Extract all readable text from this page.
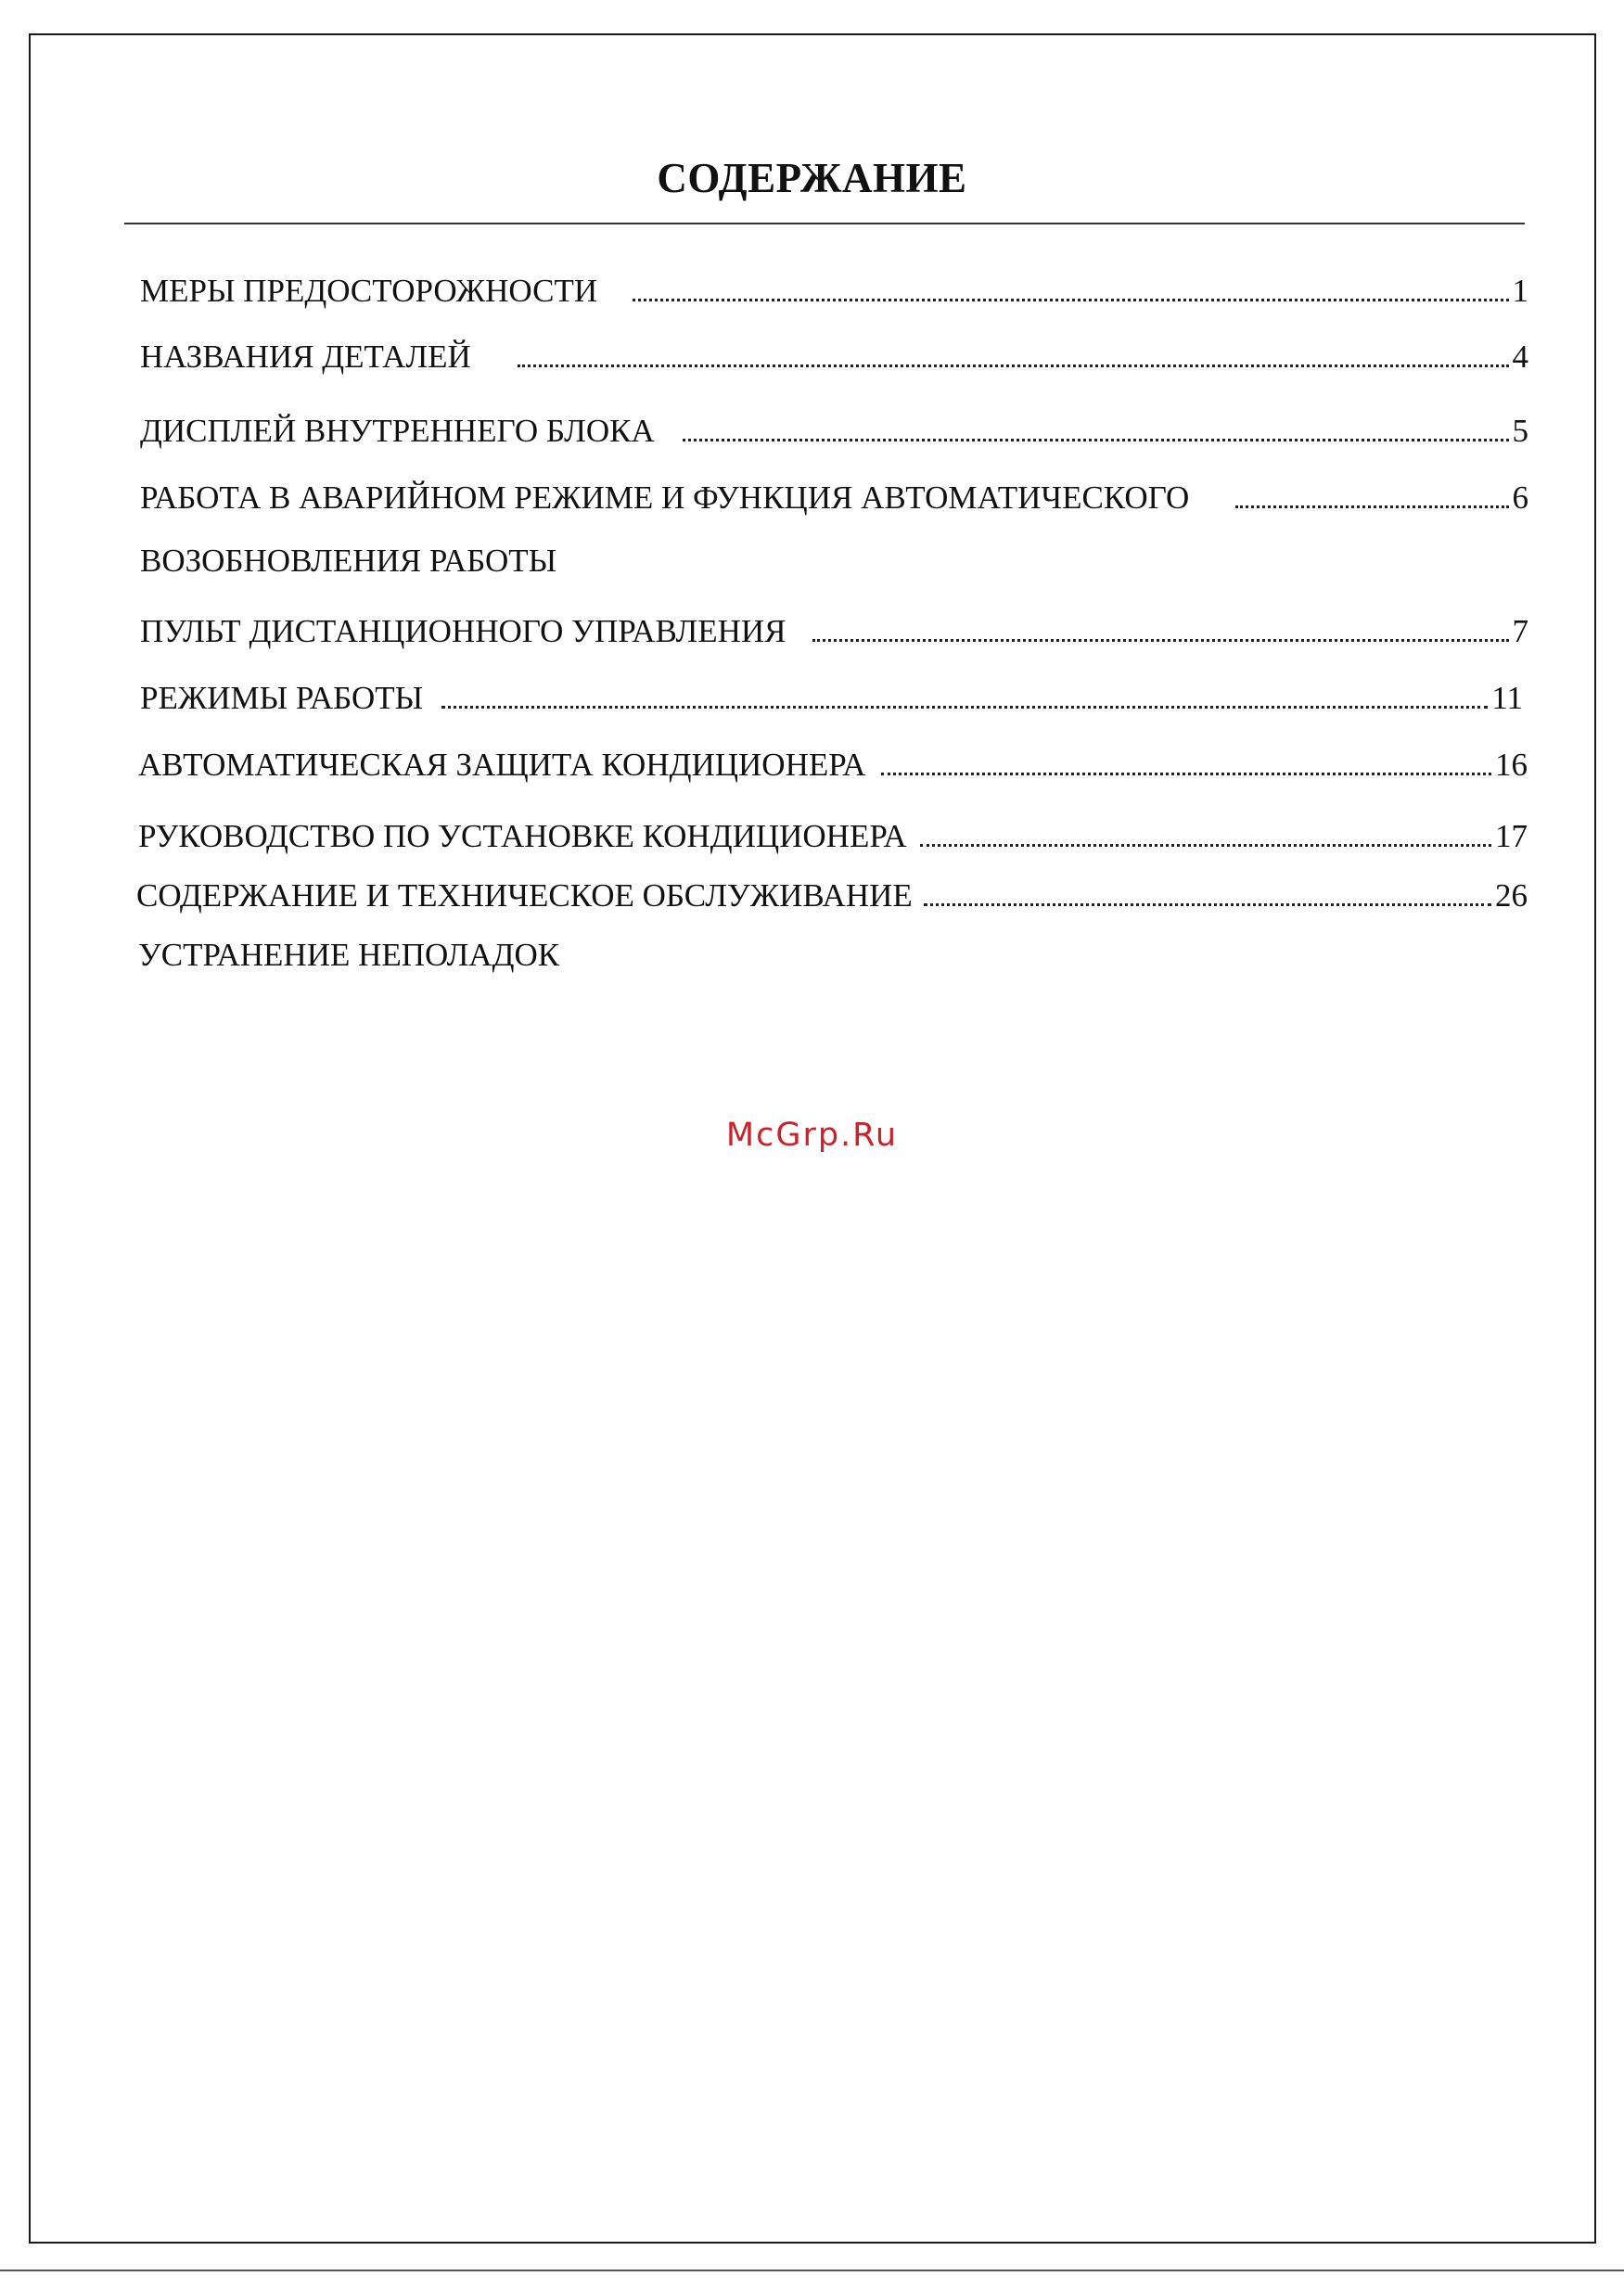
СОДЕРЖАНИЕ
МЕРЫ ПРЕДОСТОРОЖНОСТИ	1
НАЗВАНИЯ ДЕТАЛЕЙ	4
ДИСПЛЕЙ ВНУТРЕННЕГО БЛОКА	5
РАБОТА В АВАРИЙНОМ РЕЖИМЕ И ФУНКЦИЯ АВТОМАТИЧЕСКОГО	6
ВОЗОБНОВЛЕНИЯ РАБОТЫ
ПУЛЬТ ДИСТАНЦИОННОГО УПРАВЛЕНИЯ	7
РЕЖИМЫ РАБОТЫ	11
АВТОМАТИЧЕСКАЯ ЗАЩИТА КОНДИЦИОНЕРА	16
РУКОВОДСТВО ПО УСТАНОВКЕ КОНДИЦИОНЕРА	17
СОДЕРЖАНИЕ И ТЕХНИЧЕСКОЕ ОБСЛУЖИВАНИЕ	26
УСТРАНЕНИЕ НЕПОЛАДОК
McGrp.Ru
